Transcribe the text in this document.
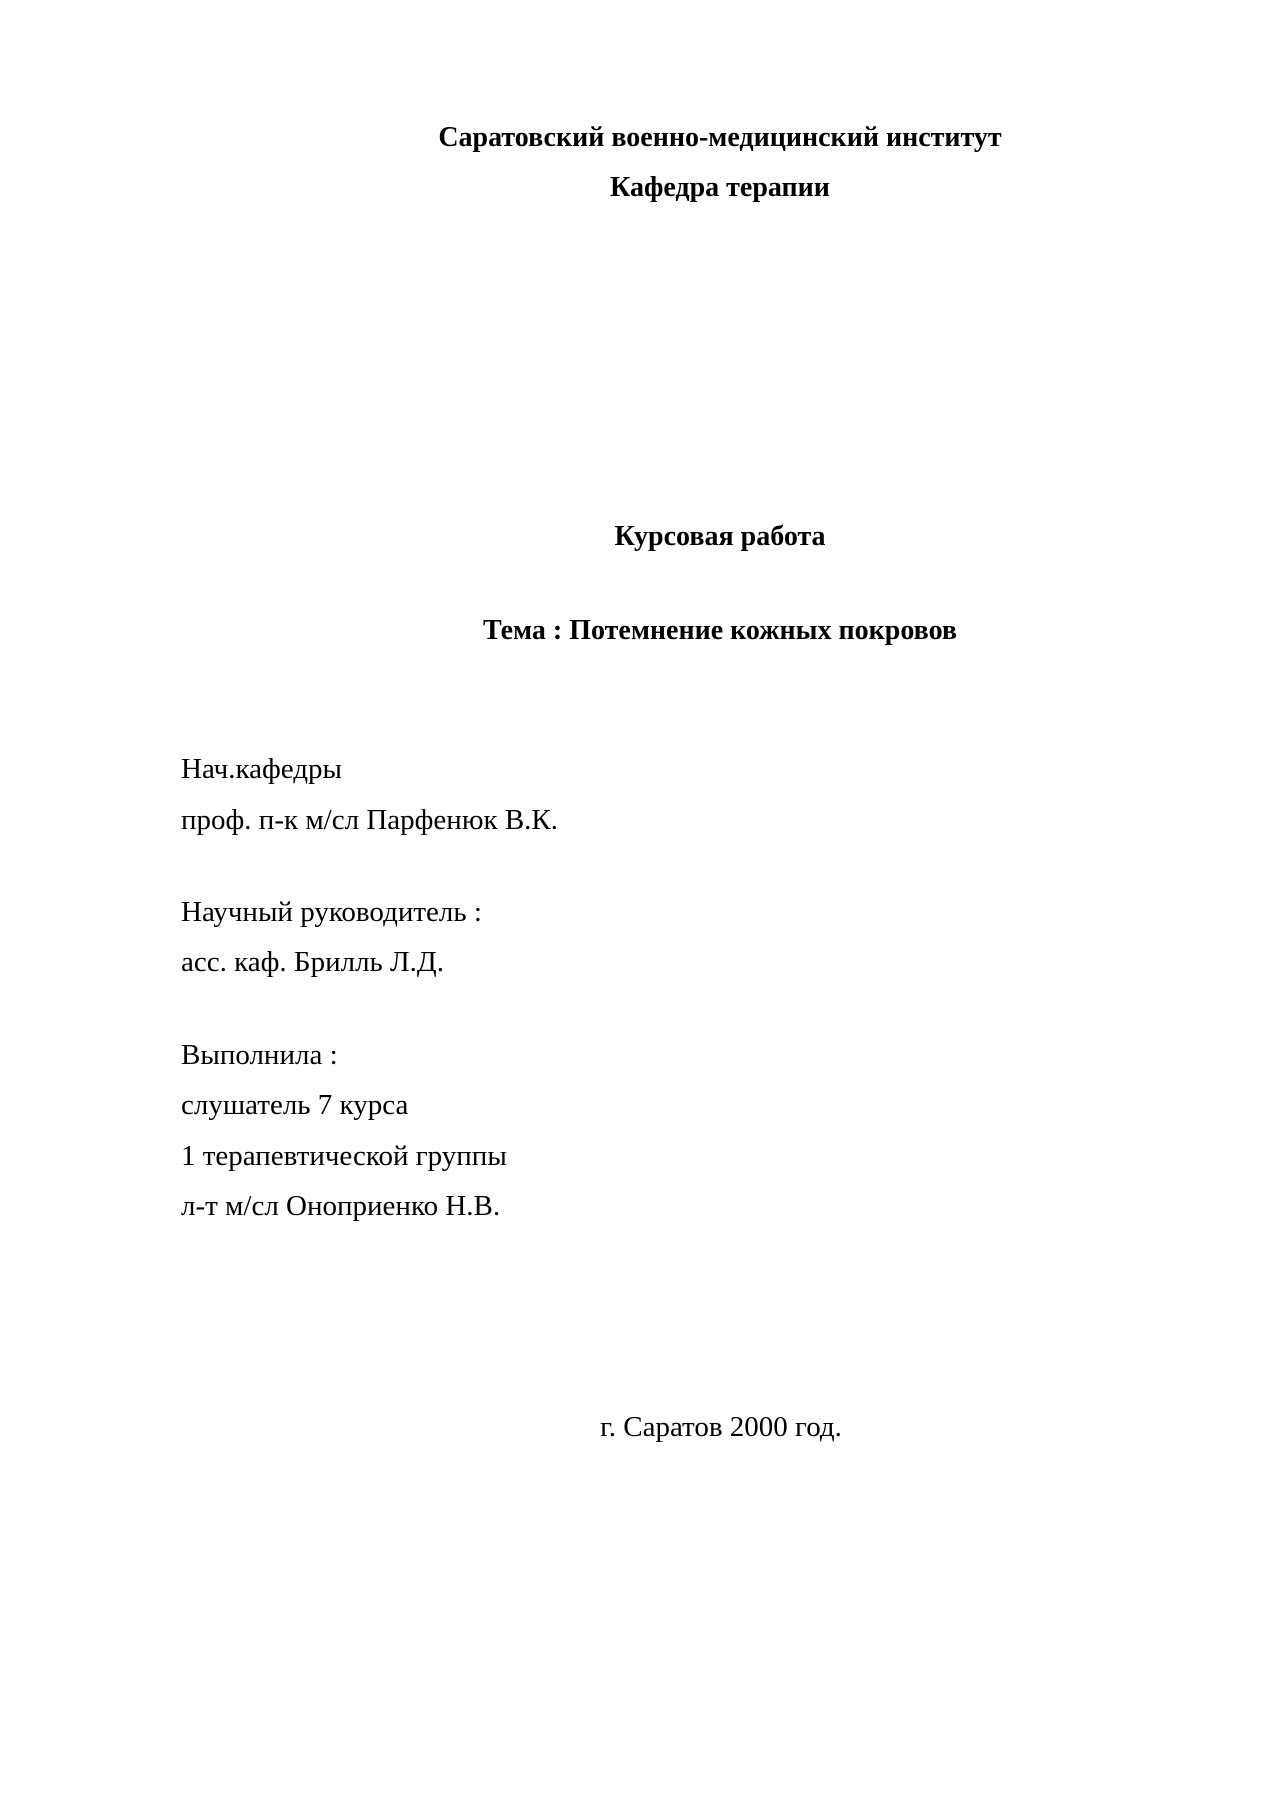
Саратовский военно-медицинский институт
Кафедра терапии
Курсовая работа
Тема : Потемнение кожных покровов
Нач.кафедры
проф. п-к м/сл Парфенюк В.К.
Научный руководитель :
асс. каф. Брилль Л.Д.
Выполнила :
слушатель 7 курса
1 терапевтической группы
л-т м/сл Оноприенко Н.В.
г. Саратов 2000 год.
